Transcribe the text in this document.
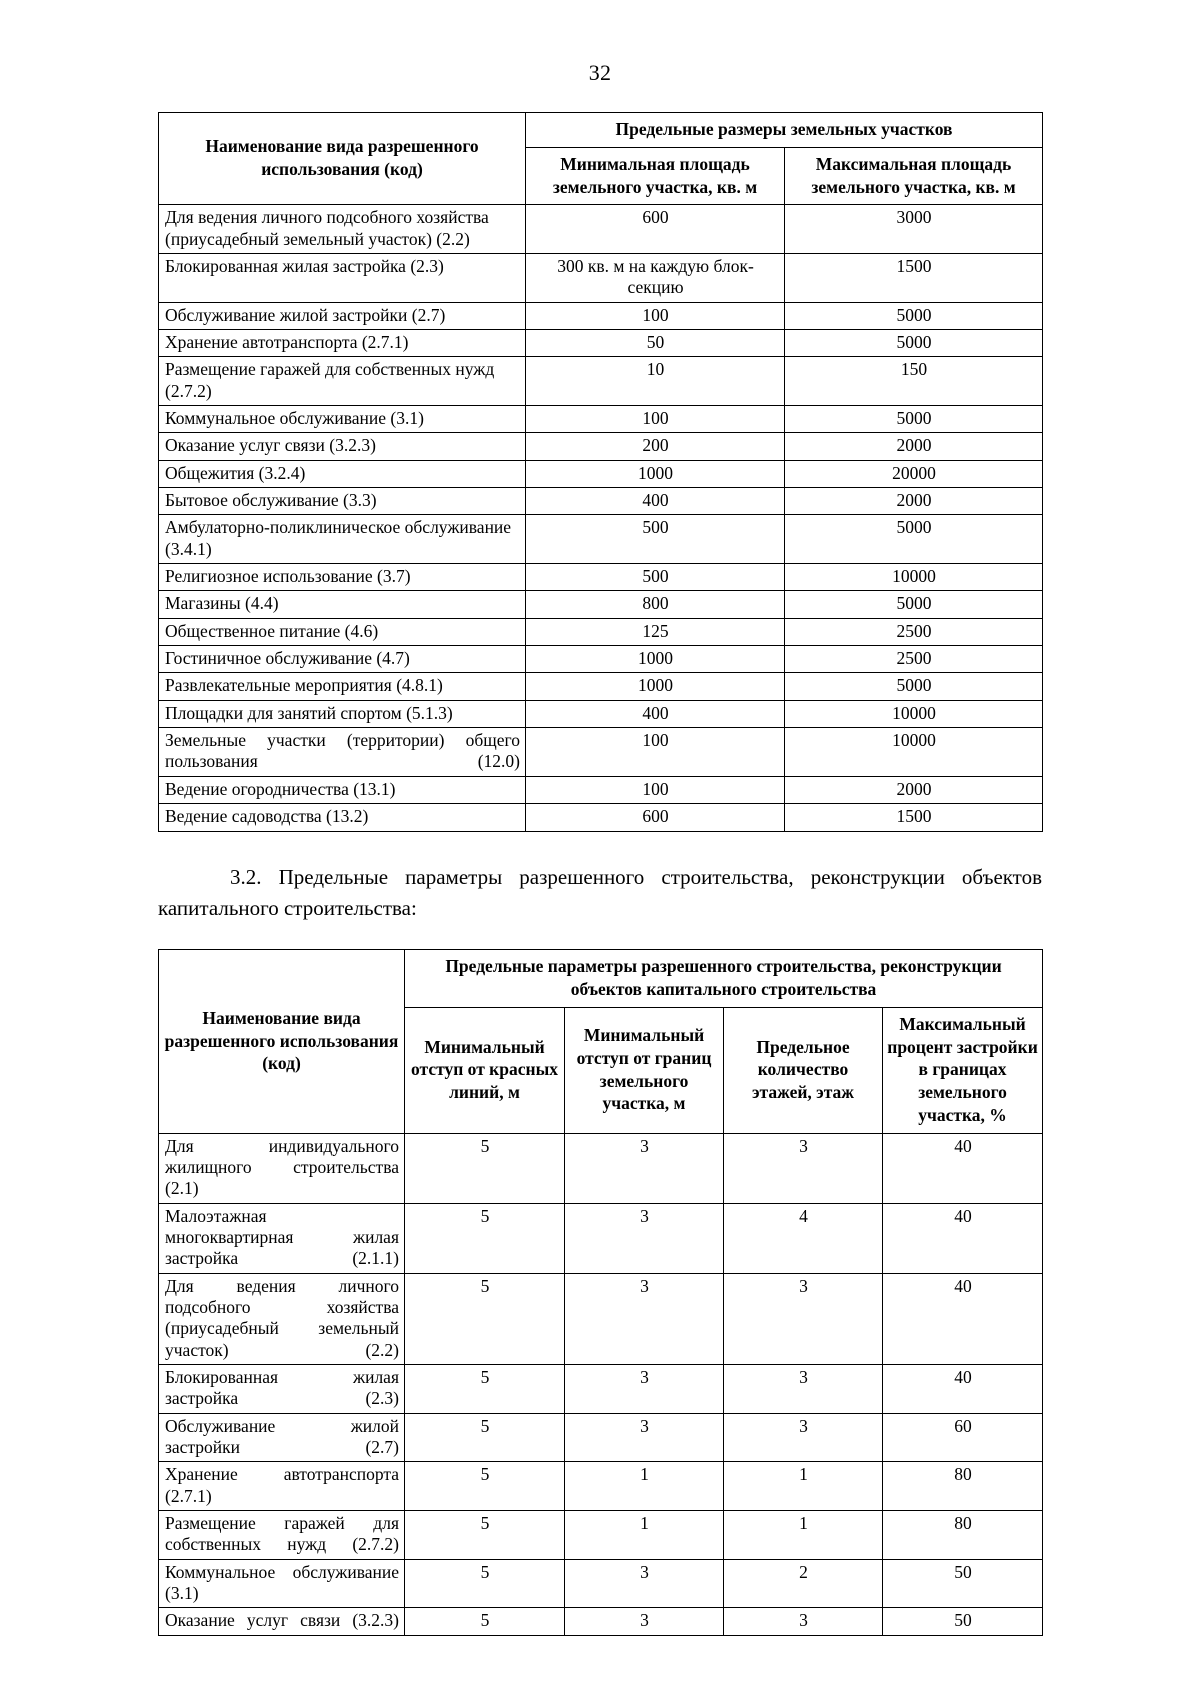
32
Наименование вида разрешенного использования (код)	Предельные размеры земельных участков	
	Минимальная площадь земельного участка, кв. м	Максимальная площадь земельного участка, кв. м
Для ведения личного подсобного хозяйства (приусадебный земельный участок) (2.2)	600	3000
Блокированная жилая застройка (2.3)	300 кв. м на каждую блок-секцию	1500
Обслуживание жилой застройки (2.7)	100	5000
Хранение автотранспорта (2.7.1)	50	5000
Размещение гаражей для собственных нужд (2.7.2)	10	150
Коммунальное обслуживание (3.1)	100	5000
Оказание услуг связи (3.2.3)	200	2000
Общежития (3.2.4)	1000	20000
Бытовое обслуживание (3.3)	400	2000
Амбулаторно-поликлиническое обслуживание (3.4.1)	500	5000
Религиозное использование (3.7)	500	10000
Магазины (4.4)	800	5000
Общественное питание (4.6)	125	2500
Гостиничное обслуживание (4.7)	1000	2500
Развлекательные мероприятия (4.8.1)	1000	5000
Площадки для занятий спортом (5.1.3)	400	10000
Земельные участки (территории) общего пользования (12.0)	100	10000
Ведение огородничества (13.1)	100	2000
Ведение садоводства (13.2)	600	1500

3.2. Предельные параметры разрешенного строительства, реконструкции объектов капитального строительства:

Наименование вида разрешенного использования (код)	Предельные параметры разрешенного строительства, реконструкции объектов капитального строительства			
	Минимальный отступ от красных линий, м	Минимальный отступ от границ земельного участка, м	Предельное количество этажей, этаж	Максимальный процент застройки в границах земельного участка, %
Для индивидуального жилищного строительства (2.1)	5	3	3	40
Малоэтажная многоквартирная жилая застройка (2.1.1)	5	3	4	40
Для ведения личного подсобного хозяйства (приусадебный земельный участок) (2.2)	5	3	3	40
Блокированная жилая застройка (2.3)	5	3	3	40
Обслуживание жилой застройки (2.7)	5	3	3	60
Хранение автотранспорта (2.7.1)	5	1	1	80
Размещение гаражей для собственных нужд (2.7.2)	5	1	1	80
Коммунальное обслуживание (3.1)	5	3	2	50
Оказание услуг связи (3.2.3)	5	3	3	50
